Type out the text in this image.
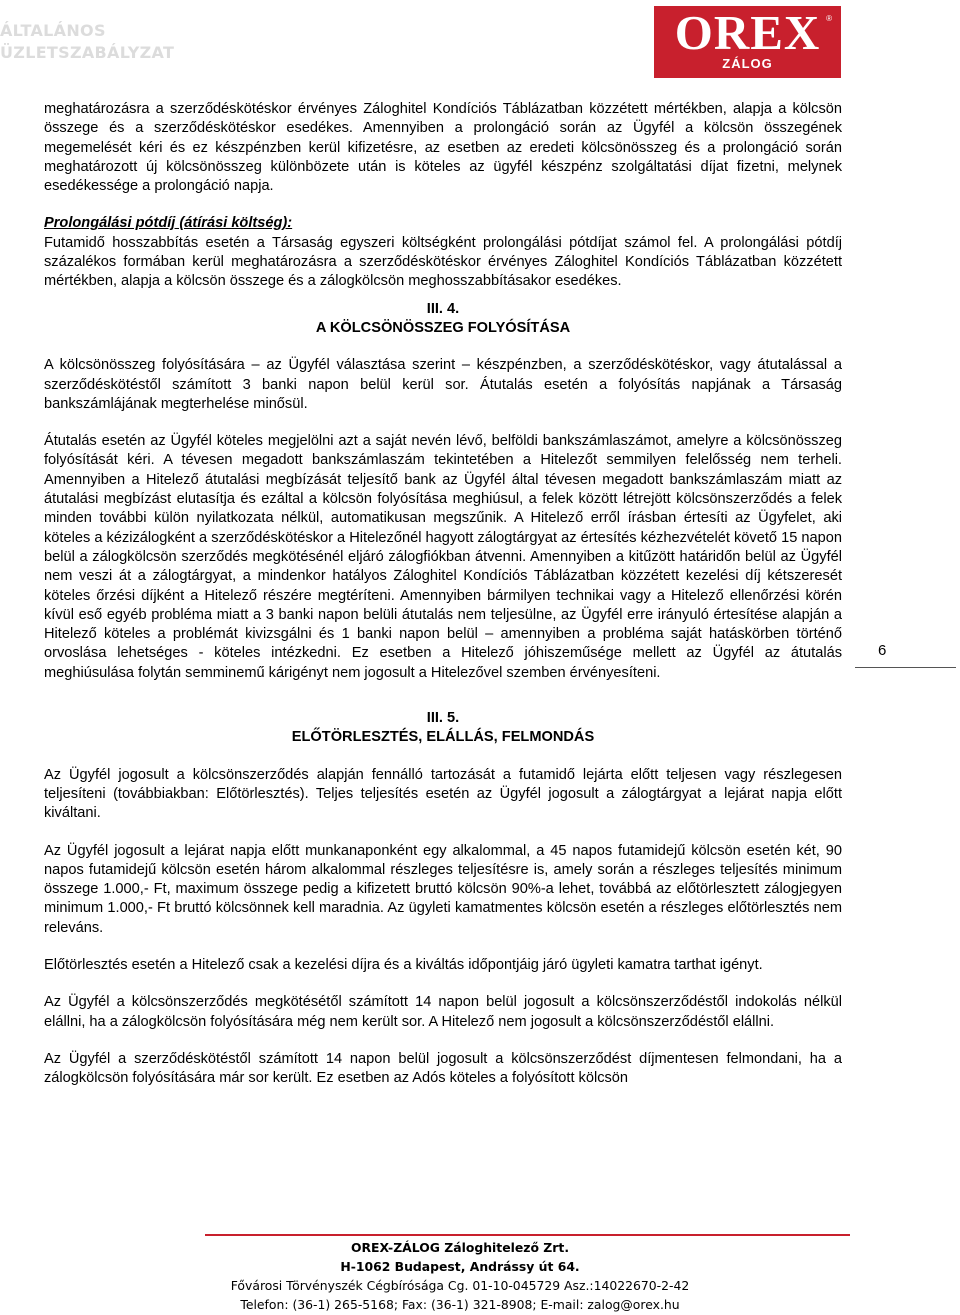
ÁLTALÁNOS
ÜZLETSZABÁLYZAT	OREX ®
ZÁLOG

meghatározásra a szerződéskötéskor érvényes Záloghitel Kondíciós Táblázatban közzétett mértékben, alapja a kölcsön összege és a szerződéskötéskor esedékes. Amennyiben a prolongáció során az Ügyfél a kölcsön összegének megemelését kéri és ez készpénzben kerül kifizetésre, az esetben az eredeti kölcsönösszeg és a prolongáció során meghatározott új kölcsönösszeg különbözete után is köteles az ügyfél készpénz szolgáltatási díjat fizetni, melynek esedékessége a prolongáció napja.

Prolongálási pótdíj (átírási költség):

Futamidő hosszabbítás esetén a Társaság egyszeri költségként prolongálási pótdíjat számol fel. A prolongálási pótdíj százalékos formában kerül meghatározásra a szerződéskötéskor érvényes Záloghitel Kondíciós Táblázatban közzétett mértékben, alapja a kölcsön összege és a zálogkölcsön meghosszabbításakor esedékes.

III. 4.

A KÖLCSÖNÖSSZEG FOLYÓSÍTÁSA

A kölcsönösszeg folyósítására – az Ügyfél választása szerint – készpénzben, a szerződéskötéskor, vagy átutalással a szerződéskötéstől számított 3 banki napon belül kerül sor. Átutalás esetén a folyósítás napjának a Társaság bankszámlájának megterhelése minősül.

Átutalás esetén az Ügyfél köteles megjelölni azt a saját nevén lévő, belföldi bankszámlaszámot, amelyre a kölcsönösszeg folyósítását kéri. A tévesen megadott bankszámlaszám tekintetében a Hitelezőt semmilyen felelősség nem terheli. Amennyiben a Hitelező átutalási megbízását teljesítő bank az Ügyfél által tévesen megadott bankszámlaszám miatt az átutalási megbízást elutasítja és ezáltal a kölcsön folyósítása meghiúsul, a felek között létrejött kölcsönszerződés a felek minden további külön nyilatkozata nélkül, automatikusan megszűnik. A Hitelező erről írásban értesíti az Ügyfelet, aki köteles a kézizálogként a szerződéskötéskor a Hitelezőnél hagyott zálogtárgyat az értesítés kézhezvételét követő 15 napon belül a zálogkölcsön szerződés megkötésénél eljáró zálogfiókban átvenni. Amennyiben a kitűzött határidőn belül az Ügyfél nem veszi át a zálogtárgyat, a mindenkor hatályos Záloghitel Kondíciós Táblázatban közzétett kezelési díj kétszeresét köteles őrzési díjként a Hitelező részére megtéríteni. Amennyiben bármilyen technikai vagy a Hitelező ellenőrzési körén kívül eső egyéb probléma miatt a 3 banki napon belüli átutalás nem teljesülne, az Ügyfél erre irányuló értesítése alapján a Hitelező köteles a problémát kivizsgálni és 1 banki napon belül – amennyiben a probléma saját hatáskörben történő orvoslása lehetséges - köteles intézkedni. Ez esetben a Hitelező jóhiszeműsége mellett az Ügyfél az átutalás meghiúsulása folytán semminemű kárigényt nem jogosult a Hitelezővel szemben érvényesíteni.

III. 5.

ELŐTÖRLESZTÉS, ELÁLLÁS, FELMONDÁS

Az Ügyfél jogosult a kölcsönszerződés alapján fennálló tartozását a futamidő lejárta előtt teljesen vagy részlegesen teljesíteni (továbbiakban: Előtörlesztés). Teljes teljesítés esetén az Ügyfél jogosult a zálogtárgyat a lejárat napja előtt kiváltani.

Az Ügyfél jogosult a lejárat napja előtt munkanaponként egy alkalommal, a 45 napos futamidejű kölcsön esetén két, 90 napos futamidejű kölcsön esetén három alkalommal részleges teljesítésre is, amely során a részleges teljesítés minimum összege 1.000,- Ft, maximum összege pedig a kifizetett bruttó kölcsön 90%-a lehet, továbbá az előtörlesztett zálogjegyen minimum 1.000,- Ft bruttó kölcsönnek kell maradnia. Az ügyleti kamatmentes kölcsön esetén a részleges előtörlesztés nem releváns.

Előtörlesztés esetén a Hitelező csak a kezelési díjra és a kiváltás időpontjáig járó ügyleti kamatra tarthat igényt.

Az Ügyfél a kölcsönszerződés megkötésétől számított 14 napon belül jogosult a kölcsönszerződéstől indokolás nélkül elállni, ha a zálogkölcsön folyósítására még nem került sor. A Hitelező nem jogosult a kölcsönszerződéstől elállni.

Az Ügyfél a szerződéskötéstől számított 14 napon belül jogosult a kölcsönszerződést díjmentesen felmondani, ha a zálogkölcsön folyósítására már sor került. Ez esetben az Adós köteles a folyósított kölcsön

6
OREX-ZÁLOG Záloghitelező Zrt.
H-1062 Budapest, Andrássy út 64.
Fővárosi Törvényszék Cégbírósága Cg. 01-10-045729 Asz.:14022670-2-42
Telefon: (36-1) 265-5168; Fax: (36-1) 321-8908; E-mail: zalog@orex.hu
